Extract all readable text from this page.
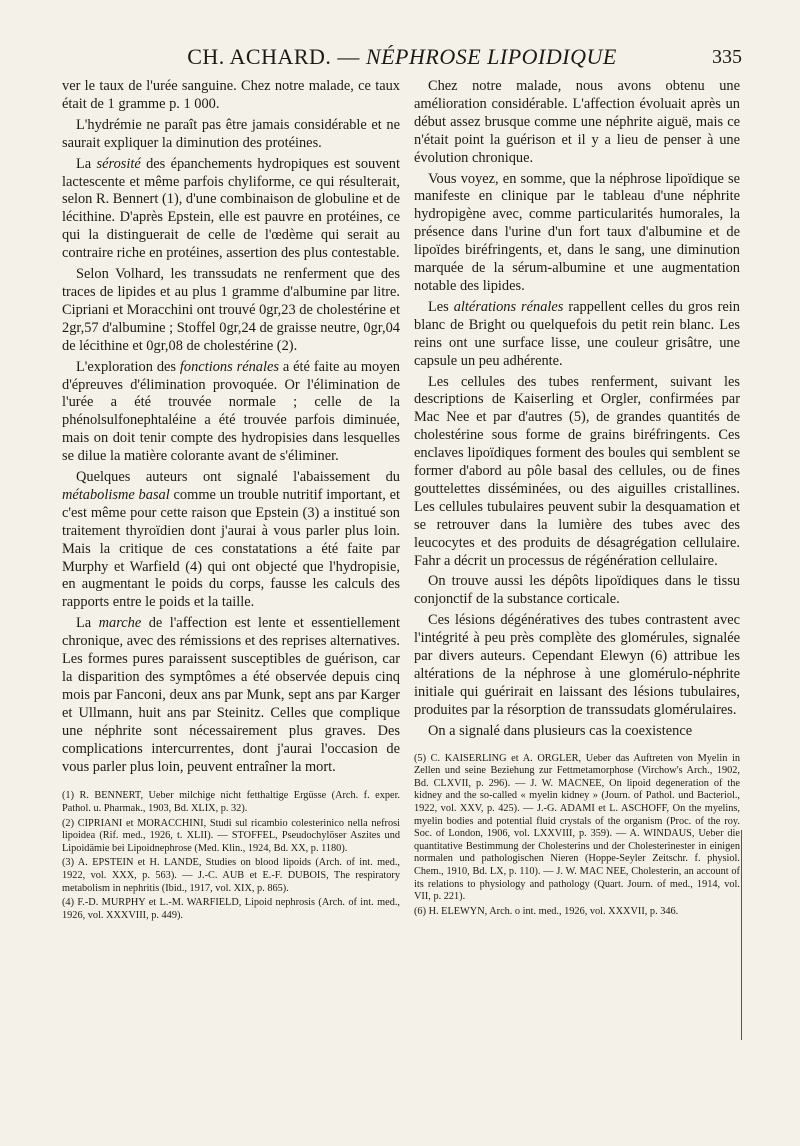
CH. ACHARD. — NÉPHROSE LIPOIDIQUE	335

ver le taux de l'urée sanguine. Chez notre malade, ce taux était de 1 gramme p. 1 000.

L'hydrémie ne paraît pas être jamais considérable et ne saurait expliquer la diminution des protéines.

La sérosité des épanchements hydropiques est souvent lactescente et même parfois chyliforme, ce qui résulterait, selon R. Bennert (1), d'une combinaison de globuline et de lécithine. D'après Epstein, elle est pauvre en protéines, ce qui la distinguerait de celle de l'œdème qui serait au contraire riche en protéines, assertion des plus contestable.

Selon Volhard, les transsudats ne renferment que des traces de lipides et au plus 1 gramme d'albumine par litre. Cipriani et Moracchini ont trouvé 0gr,23 de cholestérine et 2gr,57 d'albumine ; Stoffel 0gr,24 de graisse neutre, 0gr,04 de lécithine et 0gr,08 de cholestérine (2).

L'exploration des fonctions rénales a été faite au moyen d'épreuves d'élimination provoquée. Or l'élimination de l'urée a été trouvée normale ; celle de la phénolsulfonephtaléine a été trouvée parfois diminuée, mais on doit tenir compte des hydropisies dans lesquelles se dilue la matière colorante avant de s'éliminer.

Quelques auteurs ont signalé l'abaissement du métabolisme basal comme un trouble nutritif important, et c'est même pour cette raison que Epstein (3) a institué son traitement thyroïdien dont j'aurai à vous parler plus loin. Mais la critique de ces constatations a été faite par Murphy et Warfield (4) qui ont objecté que l'hydropisie, en augmentant le poids du corps, fausse les calculs des rapports entre le poids et la taille.

La marche de l'affection est lente et essentiellement chronique, avec des rémissions et des reprises alternatives. Les formes pures paraissent susceptibles de guérison, car la disparition des symptômes a été observée depuis cinq mois par Fanconi, deux ans par Munk, sept ans par Karger et Ullmann, huit ans par Steinitz. Celles que complique une néphrite sont nécessairement plus graves. Des complications intercurrentes, dont j'aurai l'occasion de vous parler plus loin, peuvent entraîner la mort.

(1) R. BENNERT, Ueber milchige nicht fetthaltige Ergüsse (Arch. f. exper. Pathol. u. Pharmak., 1903, Bd. XLIX, p. 32).

(2) CIPRIANI et MORACCHINI, Studi sul ricambio colesterinico nella nefrosi lipoidea (Rif. med., 1926, t. XLII). — STOFFEL, Pseudochylöser Aszites und Lipoidämie bei Lipoidnephrose (Med. Klin., 1924, Bd. XX, p. 1180).

(3) A. EPSTEIN et H. LANDE, Studies on blood lipoids (Arch. of int. med., 1922, vol. XXX, p. 563). — J.-C. AUB et E.-F. DUBOIS, The respiratory metabolism in nephritis (Ibid., 1917, vol. XIX, p. 865).

(4) F.-D. MURPHY et L.-M. WARFIELD, Lipoid nephrosis (Arch. of int. med., 1926, vol. XXXVIII, p. 449).

Chez notre malade, nous avons obtenu une amélioration considérable. L'affection évoluait après un début assez brusque comme une néphrite aiguë, mais ce n'était point la guérison et il y a lieu de penser à une évolution chronique.

Vous voyez, en somme, que la néphrose lipoïdique se manifeste en clinique par le tableau d'une néphrite hydropigène avec, comme particularités humorales, la présence dans l'urine d'un fort taux d'albumine et de lipoïdes biréfringents, et, dans le sang, une diminution marquée de la sérum-albumine et une augmentation notable des lipides.

Les altérations rénales rappellent celles du gros rein blanc de Bright ou quelquefois du petit rein blanc. Les reins ont une surface lisse, une couleur grisâtre, une capsule un peu adhérente.

Les cellules des tubes renferment, suivant les descriptions de Kaiserling et Orgler, confirmées par Mac Nee et par d'autres (5), de grandes quantités de cholestérine sous forme de grains biréfringents. Ces enclaves lipoïdiques forment des boules qui semblent se former d'abord au pôle basal des cellules, ou de fines gouttelettes disséminées, ou des aiguilles cristallines. Les cellules tubulaires peuvent subir la desquamation et se retrouver dans la lumière des tubes avec des leucocytes et des produits de désagrégation cellulaire. Fahr a décrit un processus de régénération cellulaire.

On trouve aussi les dépôts lipoïdiques dans le tissu conjonctif de la substance corticale.

Ces lésions dégénératives des tubes contrastent avec l'intégrité à peu près complète des glomérules, signalée par divers auteurs. Cependant Elewyn (6) attribue les altérations de la néphrose à une glomérulo-néphrite initiale qui guérirait en laissant des lésions tubulaires, produites par la résorption de transsudats glomérulaires.

On a signalé dans plusieurs cas la coexistence

(5) C. KAISERLING et A. ORGLER, Ueber das Auftreten von Myelin in Zellen und seine Beziehung zur Fettmetamorphose (Virchow's Arch., 1902, Bd. CLXVII, p. 296). — J. W. MACNEE, On lipoid degeneration of the kidney and the so-called « myelin kidney » (Journ. of Pathol. und Bacteriol., 1922, vol. XXV, p. 425). — J.-G. ADAMI et L. ASCHOFF, On the myelins, myelin bodies and potential fluid crystals of the organism (Proc. of the roy. Soc. of London, 1906, vol. LXXVIII, p. 359). — A. WINDAUS, Ueber die quantitative Bestimmung der Cholesterins und der Cholesterinester in einigen normalen und pathologischen Nieren (Hoppe-Seyler Zeitschr. f. physiol. Chem., 1910, Bd. LX, p. 110). — J. W. MAC NEE, Cholesterin, an account of its relations to physiology and pathology (Quart. Journ. of med., 1914, vol. VII, p. 221).

(6) H. ELEWYN, Arch. o int. med., 1926, vol. XXXVII, p. 346.
